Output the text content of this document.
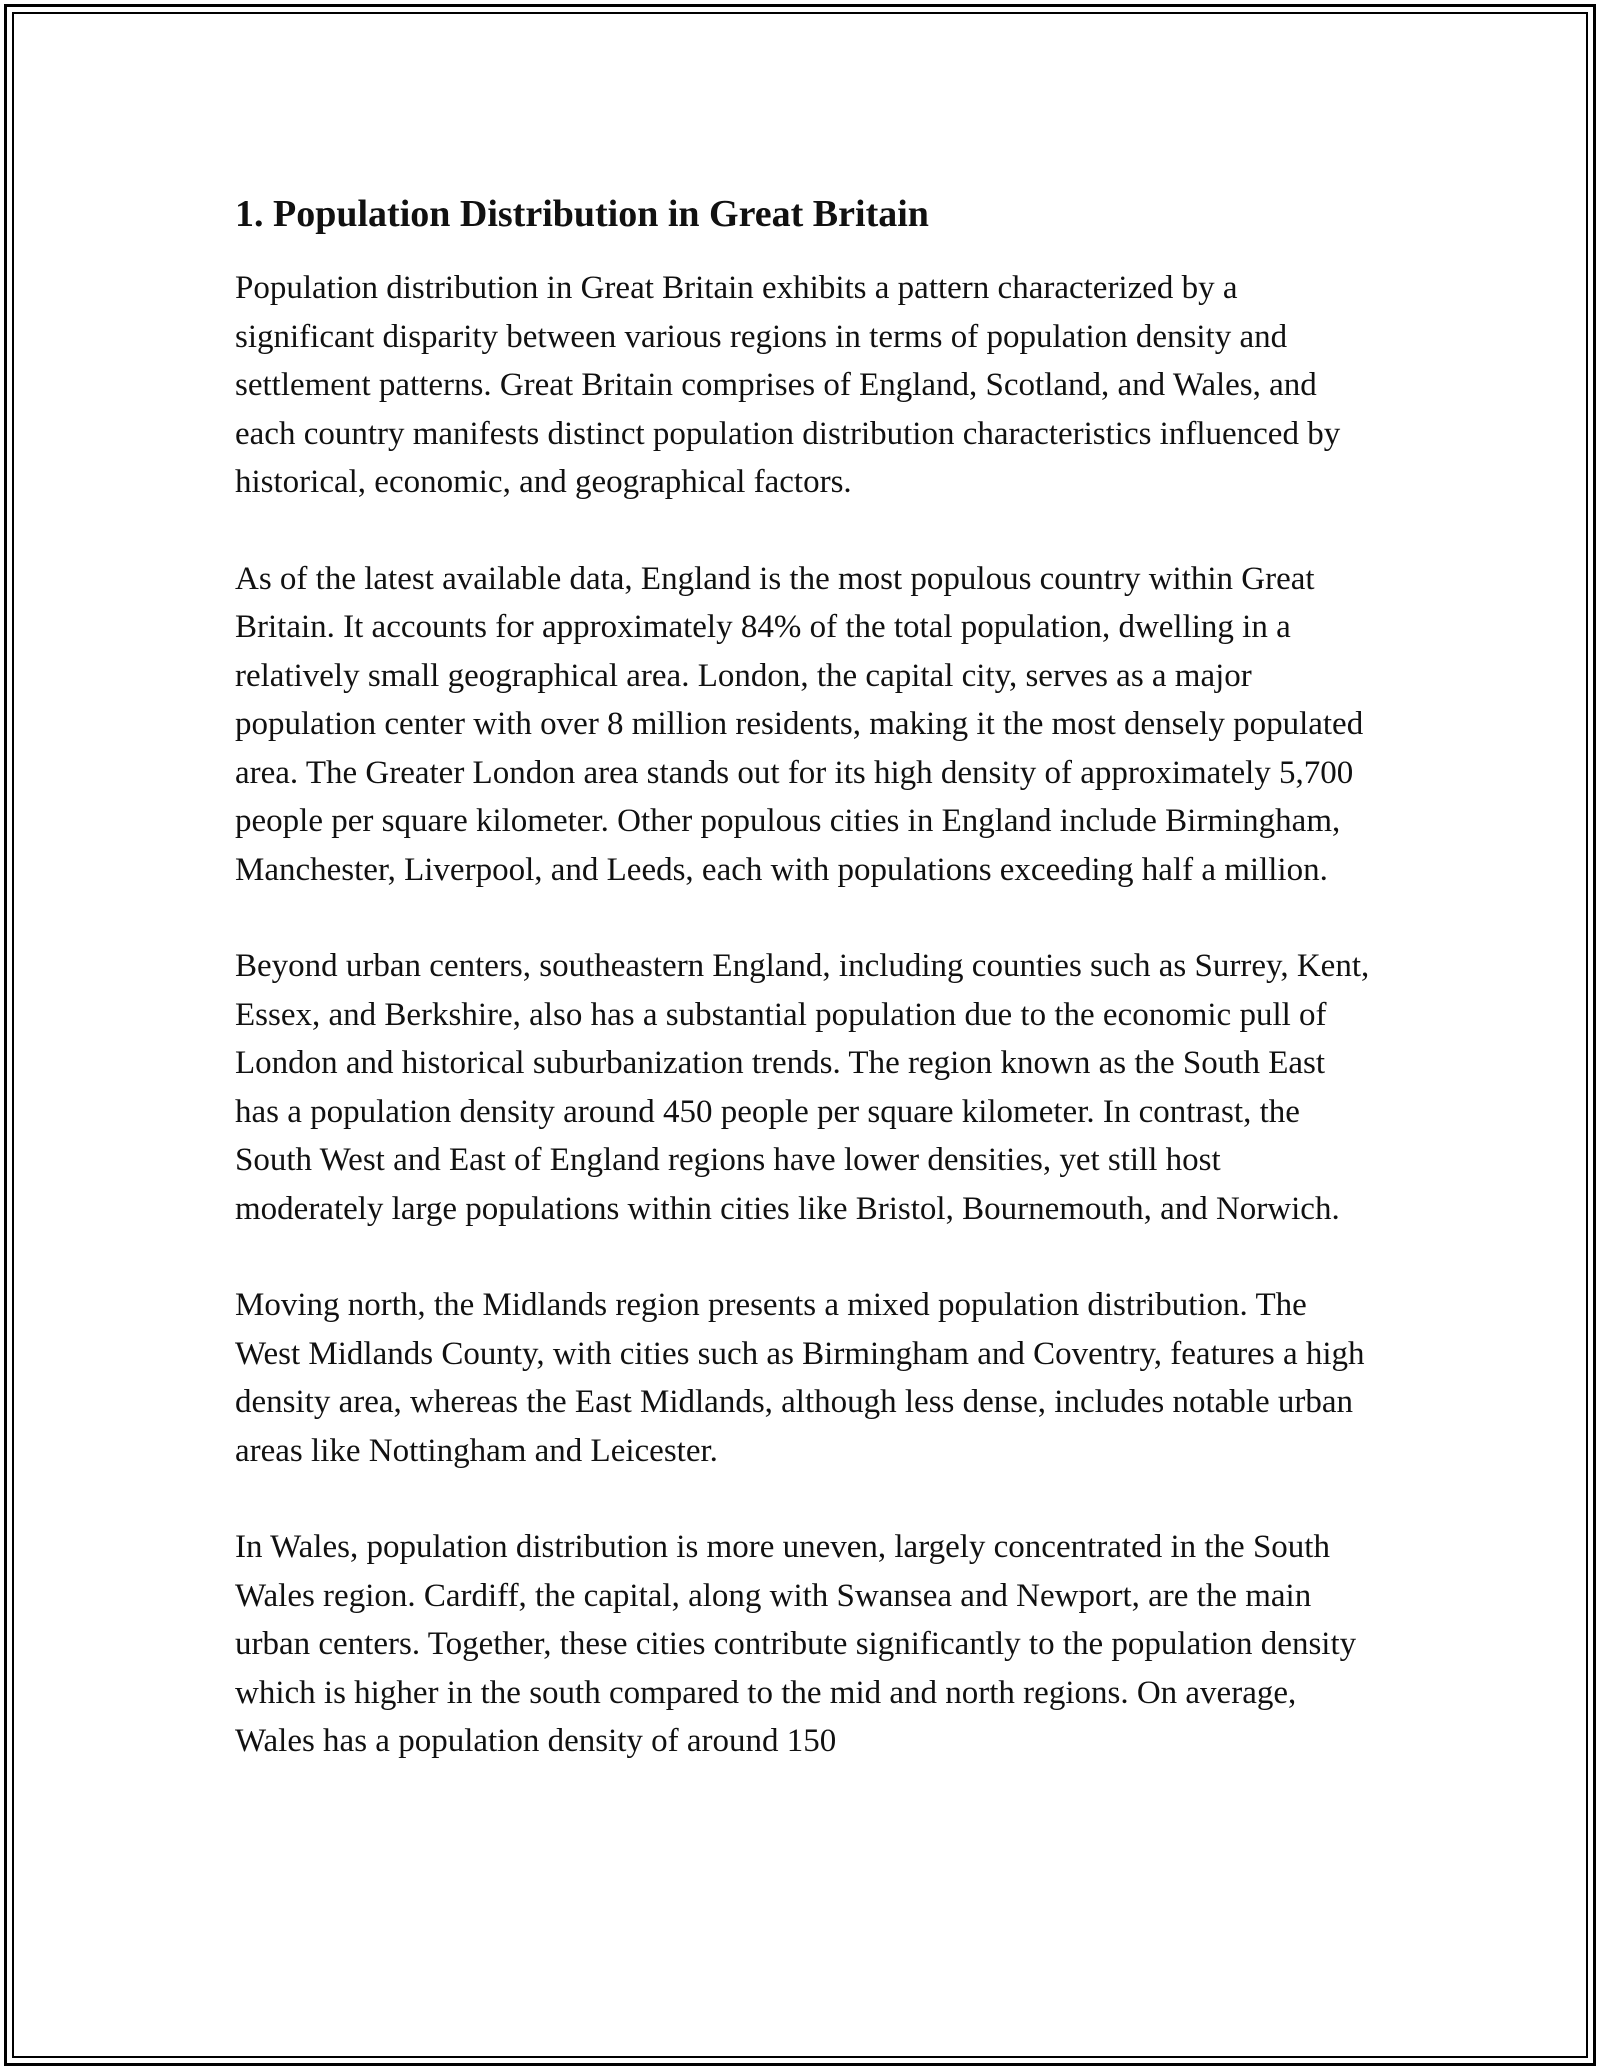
1. Population Distribution in Great Britain

Population distribution in Great Britain exhibits a pattern characterized by a significant disparity between various regions in terms of population density and settlement patterns. Great Britain comprises of England, Scotland, and Wales, and each country manifests distinct population distribution characteristics influenced by historical, economic, and geographical factors.

As of the latest available data, England is the most populous country within Great Britain. It accounts for approximately 84% of the total population, dwelling in a relatively small geographical area. London, the capital city, serves as a major population center with over 8 million residents, making it the most densely populated area. The Greater London area stands out for its high density of approximately 5,700 people per square kilometer. Other populous cities in England include Birmingham, Manchester, Liverpool, and Leeds, each with populations exceeding half a million.

Beyond urban centers, southeastern England, including counties such as Surrey, Kent, Essex, and Berkshire, also has a substantial population due to the economic pull of London and historical suburbanization trends. The region known as the South East has a population density around 450 people per square kilometer. In contrast, the South West and East of England regions have lower densities, yet still host moderately large populations within cities like Bristol, Bournemouth, and Norwich.

Moving north, the Midlands region presents a mixed population distribution. The West Midlands County, with cities such as Birmingham and Coventry, features a high density area, whereas the East Midlands, although less dense, includes notable urban areas like Nottingham and Leicester.

In Wales, population distribution is more uneven, largely concentrated in the South Wales region. Cardiff, the capital, along with Swansea and Newport, are the main urban centers. Together, these cities contribute significantly to the population density which is higher in the south compared to the mid and north regions. On average, Wales has a population density of around 150
